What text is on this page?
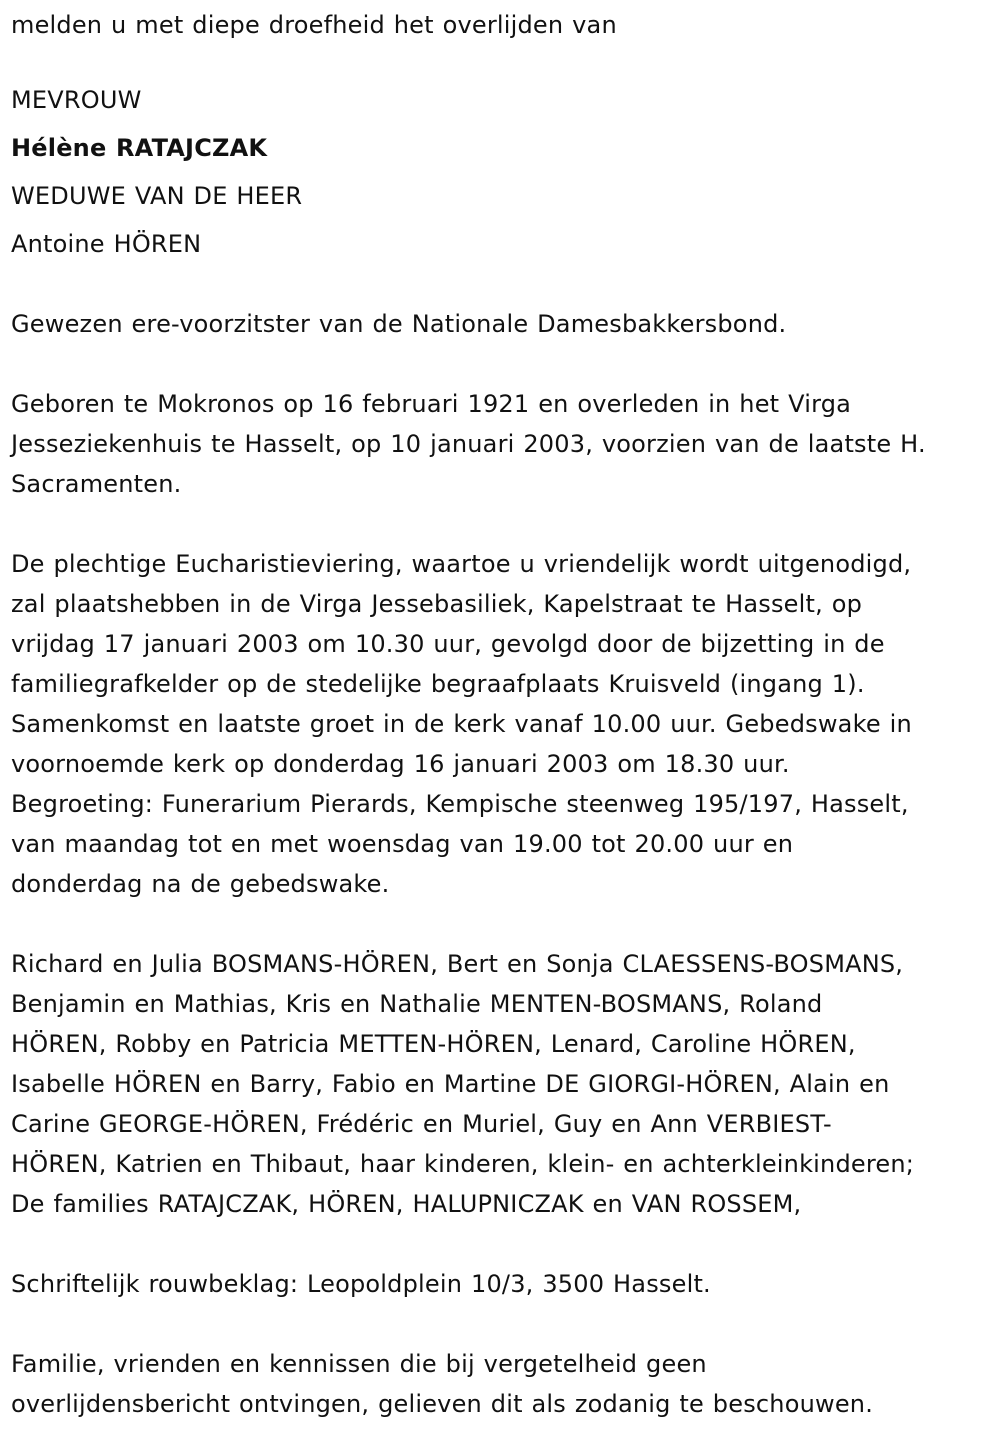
melden u met diepe droefheid het overlijden van

MEVROUW

Hélène RATAJCZAK

WEDUWE VAN DE HEER

Antoine HÖREN

Gewezen ere-voorzitster van de Nationale Damesbakkersbond.

Geboren te Mokronos op 16 februari 1921 en overleden in het Virga

Jesseziekenhuis te Hasselt, op 10 januari 2003, voorzien van de laatste H.

Sacramenten.

De plechtige Eucharistieviering, waartoe u vriendelijk wordt uitgenodigd,

zal plaatshebben in de Virga Jessebasiliek, Kapelstraat te Hasselt, op

vrijdag 17 januari 2003 om 10.30 uur, gevolgd door de bijzetting in de

familiegrafkelder op de stedelijke begraafplaats Kruisveld (ingang 1).

Samenkomst en laatste groet in de kerk vanaf 10.00 uur. Gebedswake in

voornoemde kerk op donderdag 16 januari 2003 om 18.30 uur.

Begroeting: Funerarium Pierards, Kempische steenweg 195/197, Hasselt,

van maandag tot en met woensdag van 19.00 tot 20.00 uur en

donderdag na de gebedswake.

Richard en Julia BOSMANS-HÖREN, Bert en Sonja CLAESSENS-BOSMANS,

Benjamin en Mathias, Kris en Nathalie MENTEN-BOSMANS, Roland

HÖREN, Robby en Patricia METTEN-HÖREN, Lenard, Caroline HÖREN,

Isabelle HÖREN en Barry, Fabio en Martine DE GIORGI-HÖREN, Alain en

Carine GEORGE-HÖREN, Frédéric en Muriel, Guy en Ann VERBIEST-

HÖREN, Katrien en Thibaut, haar kinderen, klein- en achterkleinkinderen;

De families RATAJCZAK, HÖREN, HALUPNICZAK en VAN ROSSEM,

Schriftelijk rouwbeklag: Leopoldplein 10/3, 3500 Hasselt.

Familie, vrienden en kennissen die bij vergetelheid geen

overlijdensbericht ontvingen, gelieven dit als zodanig te beschouwen.
